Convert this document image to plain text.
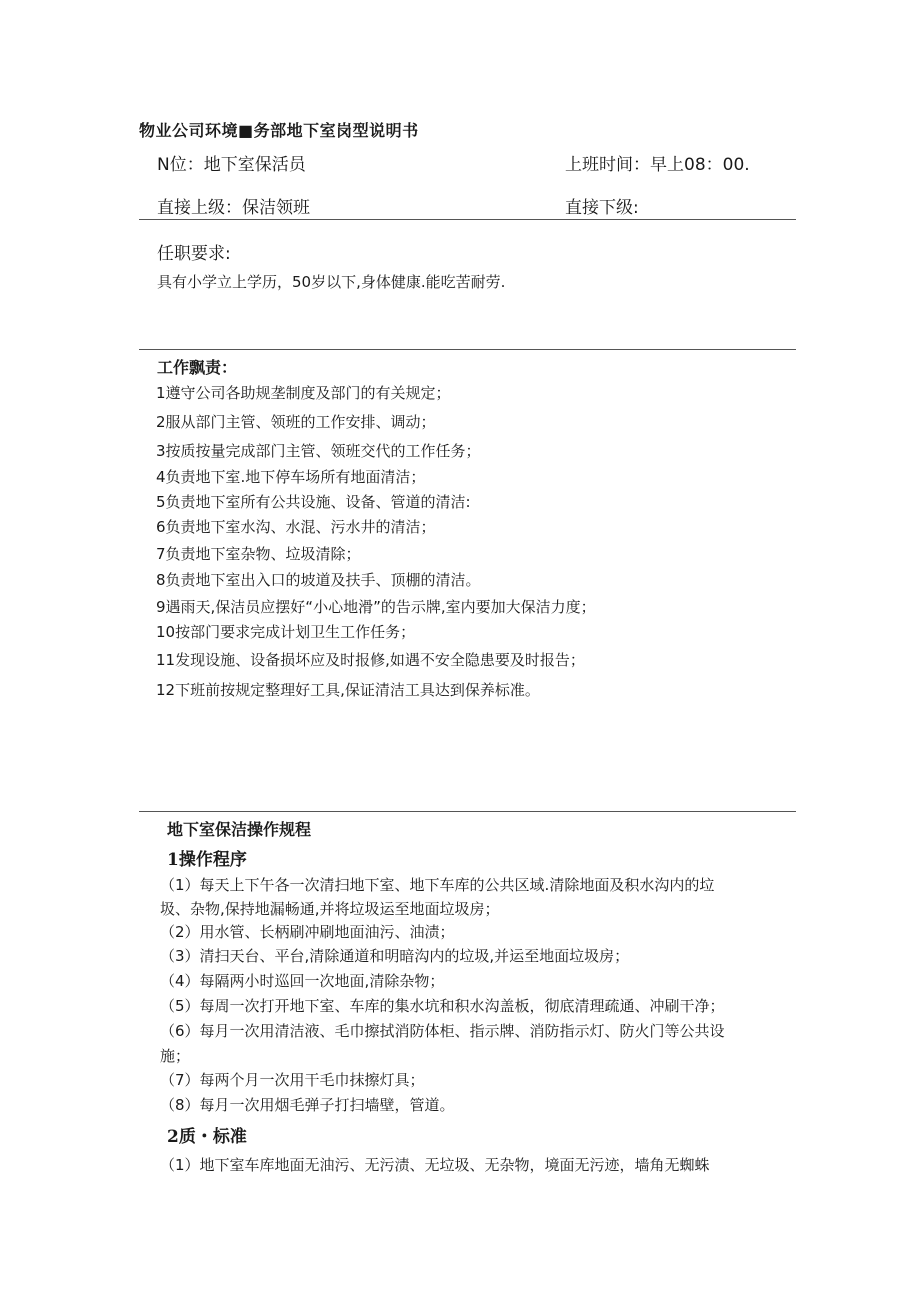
物业公司环境■务部地下室岗型说明书
N位：地下室保活员	上班时间：早上08：00.
直接上级：保洁领班	直接下级:
任职要求:
具有小学立上学历，50岁以下,身体健康.能吃苦耐劳.
工作飘责：
1遵守公司各助规垄制度及部门的有关规定；
2服从部门主管、领班的工作安排、调动；
3按质按量完成部门主管、领班交代的工作任务；
4负责地下室.地下停车场所有地面清洁；
5负责地下室所有公共设施、设备、管道的清洁:
6负责地下室水沟、水混、污水井的清洁；
7负责地下室杂物、垃圾清除；
8负责地下室出入口的坡道及扶手、顶棚的清洁。
9遇雨天,保洁员应摆好“小心地滑”的告示牌,室内要加大保洁力度；
10按部门要求完成计划卫生工作任务；
11发现设施、设备损坏应及时报修,如遇不安全隐患要及时报告；
12下班前按规定整理好工具,保证清洁工具达到保养标准。
地下室保洁操作规程
1操作程序
（1）每天上下午各一次清扫地下室、地下车库的公共区域.清除地面及积水沟内的垃
圾、杂物,保持地漏畅通,并将垃圾运至地面垃圾房；
（2）用水管、长柄刷冲刷地面油污、油渍；
（3）清扫天台、平台,清除通道和明暗沟内的垃圾,并运至地面垃圾房；
（4）每隔两小时巡回一次地面,清除杂物；
（5）每周一次打开地下室、车库的集水坑和积水沟盖板，彻底清理疏通、冲刷干净；
（6）每月一次用清洁液、毛巾擦拭消防体柜、指示牌、消防指示灯、防火门等公共设
施；
（7）每两个月一次用干毛巾抹擦灯具；
（8）每月一次用烟毛弹子打扫墙壁，管道。
2质・标准
（1）地下室车库地面无油污、无污渍、无垃圾、无杂物，境面无污迹，墙角无蜘蛛
